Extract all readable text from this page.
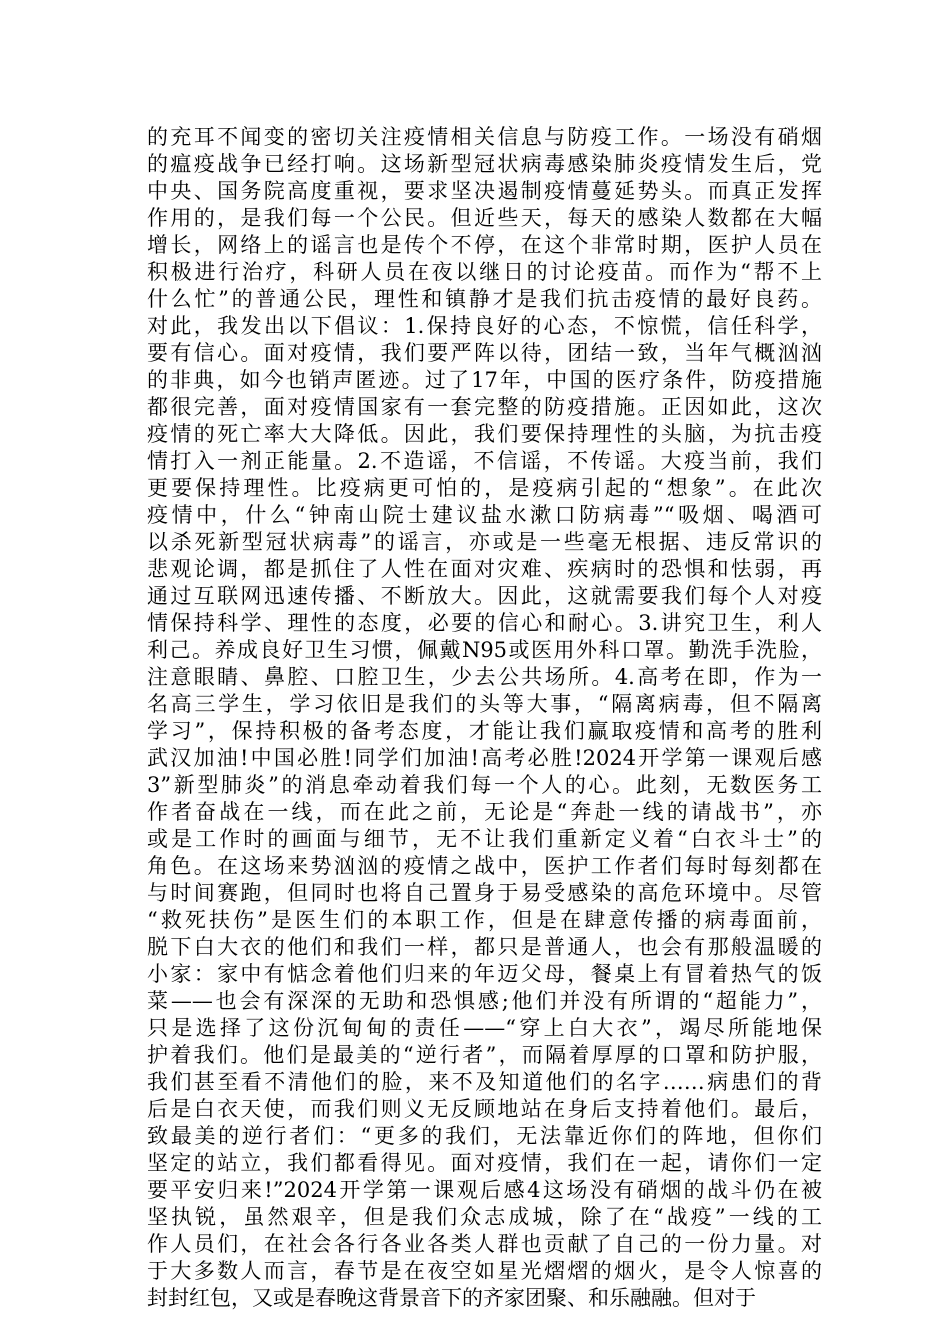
的充耳不闻变的密切关注疫情相关信息与防疫工作。一场没有硝烟
的瘟疫战争已经打响。这场新型冠状病毒感染肺炎疫情发生后，党
中央、国务院高度重视，要求坚决遏制疫情蔓延势头。而真正发挥
作用的，是我们每一个公民。但近些天，每天的感染人数都在大幅
增长，网络上的谣言也是传个不停，在这个非常时期，医护人员在
积极进行治疗，科研人员在夜以继日的讨论疫苗。而作为“帮不上
什么忙”的普通公民，理性和镇静才是我们抗击疫情的最好良药。
对此，我发出以下倡议：1.保持良好的心态，不惊慌，信任科学，
要有信心。面对疫情，我们要严阵以待，团结一致，当年气概汹汹
的非典，如今也销声匿迹。过了17年，中国的医疗条件，防疫措施
都很完善，面对疫情国家有一套完整的防疫措施。正因如此，这次
疫情的死亡率大大降低。因此，我们要保持理性的头脑，为抗击疫
情打入一剂正能量。2.不造谣，不信谣，不传谣。大疫当前，我们
更要保持理性。比疫病更可怕的，是疫病引起的“想象”。在此次
疫情中，什么“钟南山院士建议盐水漱口防病毒”“吸烟、喝酒可
以杀死新型冠状病毒”的谣言，亦或是一些毫无根据、违反常识的
悲观论调，都是抓住了人性在面对灾难、疾病时的恐惧和怯弱，再
通过互联网迅速传播、不断放大。因此，这就需要我们每个人对疫
情保持科学、理性的态度，必要的信心和耐心。3.讲究卫生，利人
利己。养成良好卫生习惯，佩戴N95或医用外科口罩。勤洗手洗脸，
注意眼睛、鼻腔、口腔卫生，少去公共场所。4.高考在即，作为一
名高三学生，学习依旧是我们的头等大事，“隔离病毒，但不隔离
学习”，保持积极的备考态度，才能让我们赢取疫情和高考的胜利
武汉加油!中国必胜!同学们加油!高考必胜!2024开学第一课观后感
3”新型肺炎”的消息牵动着我们每一个人的心。此刻，无数医务工
作者奋战在一线，而在此之前，无论是“奔赴一线的请战书”，亦
或是工作时的画面与细节，无不让我们重新定义着“白衣斗士”的
角色。在这场来势汹汹的疫情之战中，医护工作者们每时每刻都在
与时间赛跑，但同时也将自己置身于易受感染的高危环境中。尽管
“救死扶伤”是医生们的本职工作，但是在肆意传播的病毒面前，
脱下白大衣的他们和我们一样，都只是普通人，也会有那般温暖的
小家：家中有惦念着他们归来的年迈父母，餐桌上有冒着热气的饭
菜——也会有深深的无助和恐惧感;他们并没有所谓的“超能力”，
只是选择了这份沉甸甸的责任——“穿上白大衣”，竭尽所能地保
护着我们。他们是最美的“逆行者”，而隔着厚厚的口罩和防护服，
我们甚至看不清他们的脸，来不及知道他们的名字……病患们的背
后是白衣天使，而我们则义无反顾地站在身后支持着他们。最后，
致最美的逆行者们：“更多的我们，无法靠近你们的阵地，但你们
坚定的站立，我们都看得见。面对疫情，我们在一起，请你们一定
要平安归来!”2024开学第一课观后感4这场没有硝烟的战斗仍在被
坚执锐，虽然艰辛，但是我们众志成城，除了在“战疫”一线的工
作人员们，在社会各行各业各类人群也贡献了自己的一份力量。对
于大多数人而言，春节是在夜空如星光熠熠的烟火，是令人惊喜的
封封红包，又或是春晚这背景音下的齐家团聚、和乐融融。但对于
